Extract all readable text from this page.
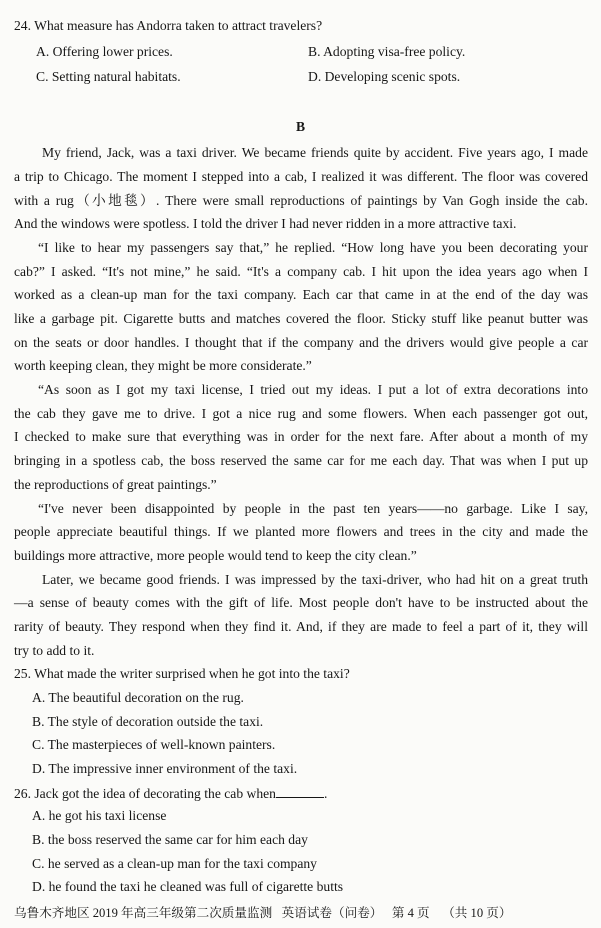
24. What measure has Andorra taken to attract travelers?
A. Offering lower prices.	B. Adopting visa-free policy.
C. Setting natural habitats.	D. Developing scenic spots.
B
My friend, Jack, was a taxi driver. We became friends quite by accident. Five years ago, I made
a trip to Chicago. The moment I stepped into a cab, I realized it was different. The floor was covered
with a rug（小地毯）. There were small reproductions of paintings by Van Gogh inside the cab.
And the windows were spotless. I told the driver I had never ridden in a more attractive taxi.
“I like to hear my passengers say that,” he replied. “How long have you been decorating your
cab?” I asked. “It's not mine,” he said. “It's a company cab. I hit upon the idea years ago when I
worked as a clean-up man for the taxi company. Each car that came in at the end of the day was
like a garbage pit. Cigarette butts and matches covered the floor. Sticky stuff like peanut butter was
on the seats or door handles. I thought that if the company and the drivers would give people a car
worth keeping clean, they might be more considerate.”
“As soon as I got my taxi license, I tried out my ideas. I put a lot of extra decorations into
the cab they gave me to drive. I got a nice rug and some flowers. When each passenger got out,
I checked to make sure that everything was in order for the next fare. After about a month of my
bringing in a spotless cab, the boss reserved the same car for me each day. That was when I put up
the reproductions of great paintings.”
“I've never been disappointed by people in the past ten years——no garbage. Like I say,
people appreciate beautiful things. If we planted more flowers and trees in the city and made the
buildings more attractive, more people would tend to keep the city clean.”
Later, we became good friends. I was impressed by the taxi-driver, who had hit on a great truth
—a sense of beauty comes with the gift of life. Most people don't have to be instructed about the
rarity of beauty. They respond when they find it. And, if they are made to feel a part of it, they will
try to add to it.
25. What made the writer surprised when he got into the taxi?
A. The beautiful decoration on the rug.
B. The style of decoration outside the taxi.
C. The masterpieces of well-known painters.
D. The impressive inner environment of the taxi.
26. Jack got the idea of decorating the cab when	.
A. he got his taxi license
B. the boss reserved the same car for him each day
C. he served as a clean-up man for the taxi company
D. he found the taxi he cleaned was full of cigarette butts
乌鲁木齐地区 2019 年高三年级第二次质量监测 英语试卷（问卷） 第 4 页 （共 10 页）
